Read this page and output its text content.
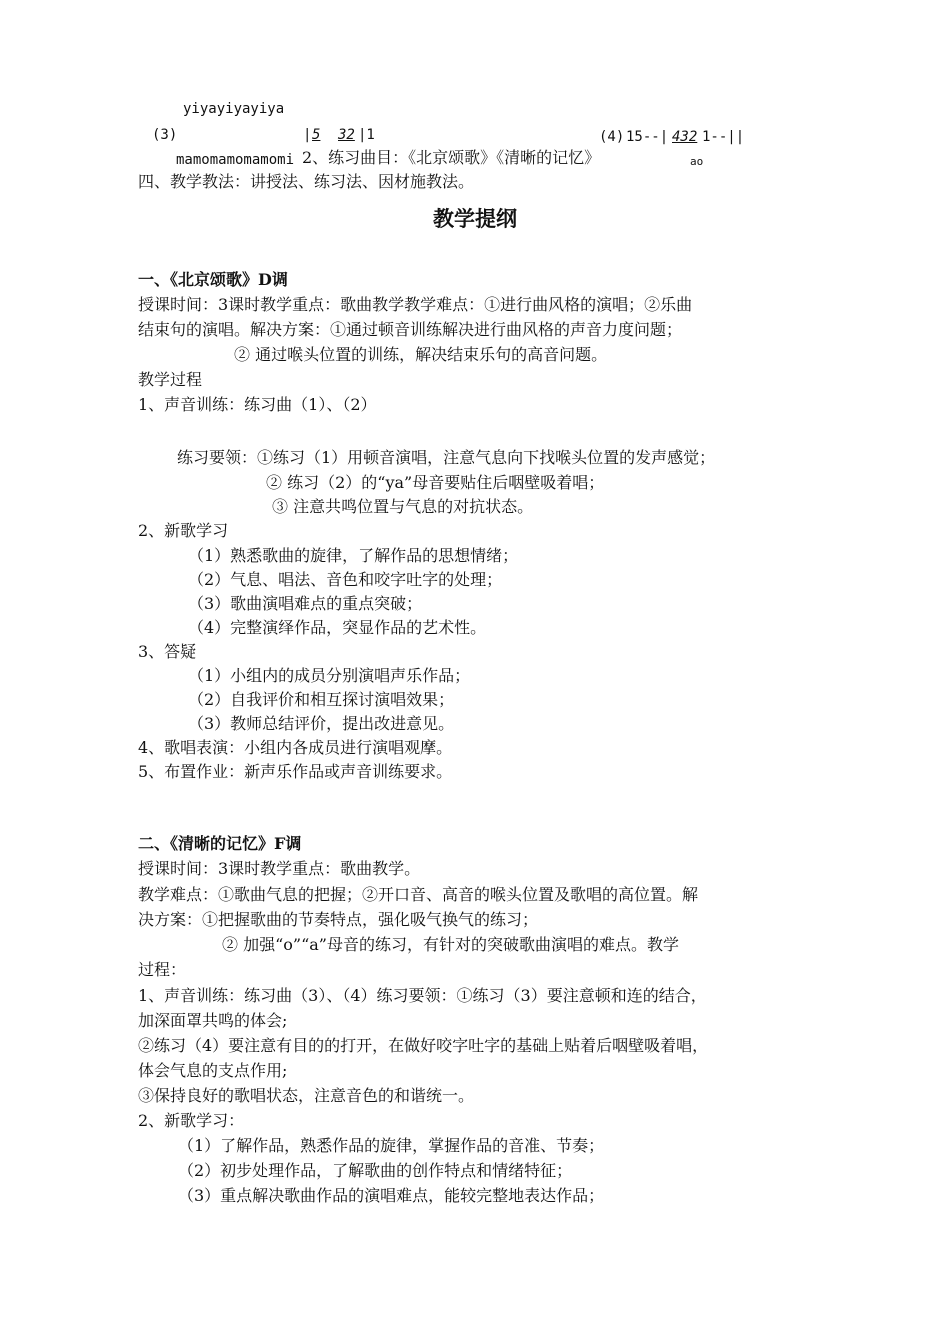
yiyayiyayiya
(3)	| 5 32 |1	(4) 15--| 432 1--||
mamomamomamomi 2、练习曲目：《北京颂歌》《清晰的记忆》	ao
四、教学教法：讲授法、练习法、因材施教法。
教学提纲
一、《北京颂歌》D调
授课时间：3课时教学重点：歌曲教学教学难点：①进行曲风格的演唱；②乐曲
结束句的演唱。解决方案：①通过顿音训练解决进行曲风格的声音力度问题；
② 通过喉头位置的训练，解决结束乐句的高音问题。
教学过程
1、声音训练：练习曲（1）、（2）
练习要领：①练习（1）用顿音演唱，注意气息向下找喉头位置的发声感觉；
② 练习（2）的“ya”母音要贴住后咽壁吸着唱；
③ 注意共鸣位置与气息的对抗状态。
2、新歌学习
（1）熟悉歌曲的旋律，了解作品的思想情绪；
（2）气息、唱法、音色和咬字吐字的处理；
（3）歌曲演唱难点的重点突破；
（4）完整演绎作品，突显作品的艺术性。
3、答疑
（1）小组内的成员分别演唱声乐作品；
（2）自我评价和相互探讨演唱效果；
（3）教师总结评价，提出改进意见。
4、歌唱表演：小组内各成员进行演唱观摩。
5、布置作业：新声乐作品或声音训练要求。
二、《清晰的记忆》F调
授课时间：3课时教学重点：歌曲教学。
教学难点：①歌曲气息的把握；②开口音、高音的喉头位置及歌唱的高位置。解
决方案：①把握歌曲的节奏特点，强化吸气换气的练习；
② 加强“o”“a”母音的练习，有针对的突破歌曲演唱的难点。教学
过程：
1、声音训练：练习曲（3）、（4）练习要领：①练习（3）要注意顿和连的结合，
加深面罩共鸣的体会;
②练习（4）要注意有目的的打开，在做好咬字吐字的基础上贴着后咽壁吸着唱，
体会气息的支点作用;
③保持良好的歌唱状态，注意音色的和谐统一。
2、新歌学习：
（1）了解作品，熟悉作品的旋律，掌握作品的音准、节奏；
（2）初步处理作品，了解歌曲的创作特点和情绪特征；
（3）重点解决歌曲作品的演唱难点，能较完整地表达作品；
